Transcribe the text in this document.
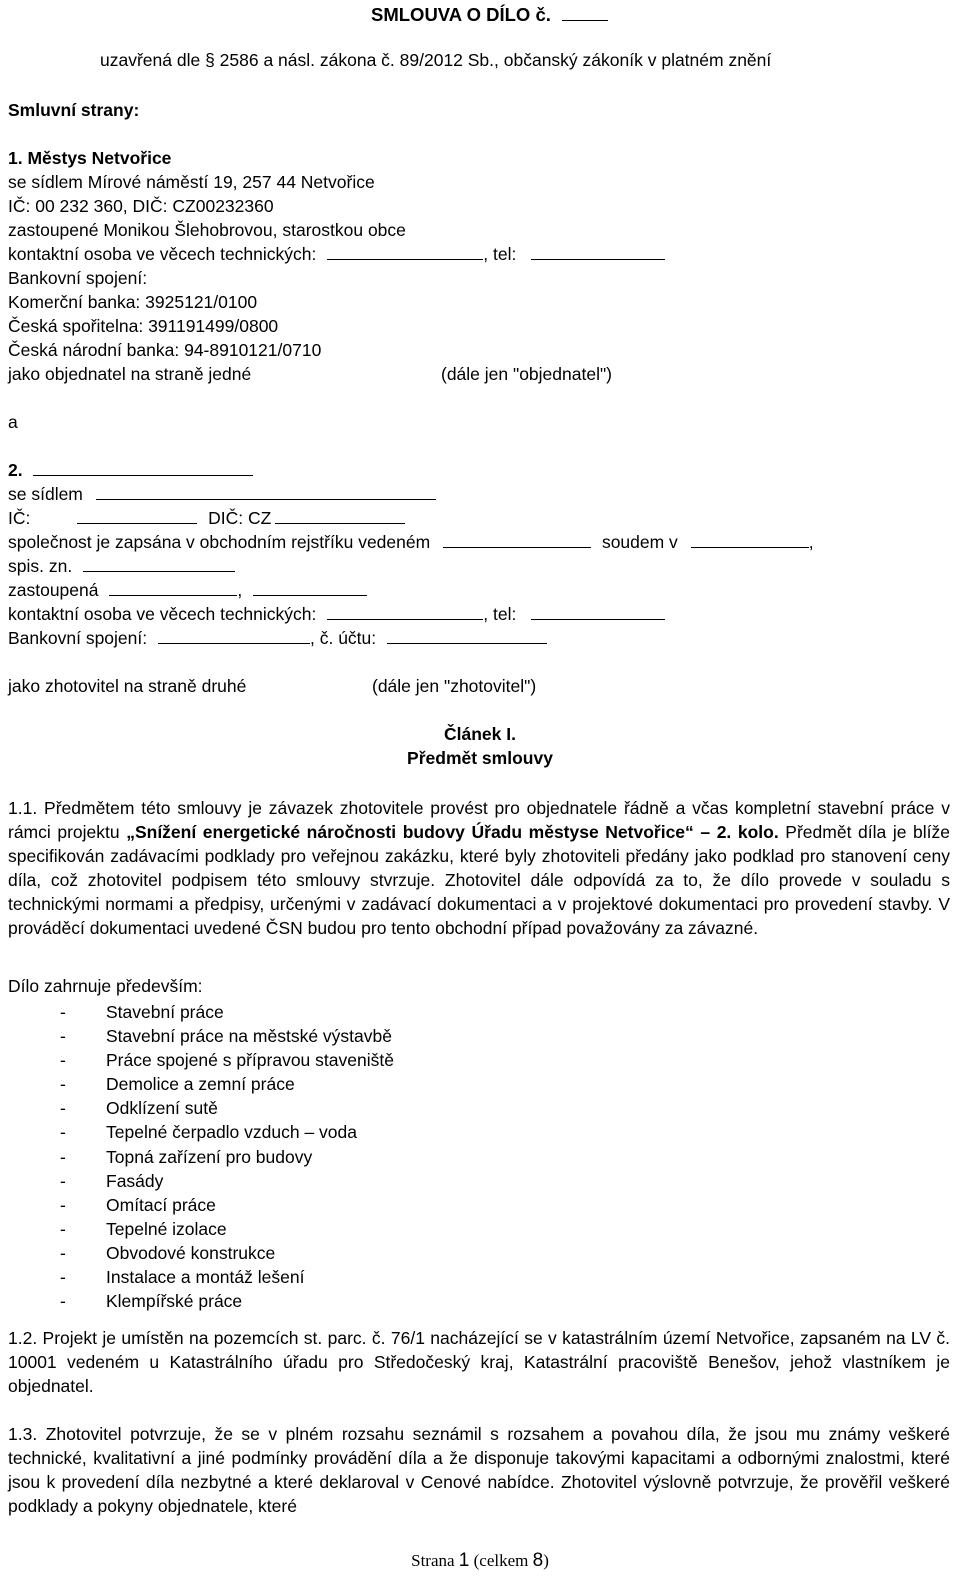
SMLOUVA O DÍLO č.
uzavřená dle § 2586 a násl. zákona č. 89/2012 Sb., občanský zákoník v platném znění
Smluvní strany:
1. Městys Netvořice
se sídlem Mírové náměstí 19, 257 44 Netvořice
IČ: 00 232 360, DIČ: CZ00232360
zastoupené Monikou Šlehobrovou, starostkou obce
kontaktní osoba ve věcech technických:	, tel:
Bankovní spojení:
Komerční banka: 3925121/0100
Česká spořitelna: 391191499/0800
Česká národní banka: 94-8910121/0710
jako objednatel na straně jedné	(dále jen "objednatel")
a
2.
se sídlem
IČ:	DIČ: CZ
společnost je zapsána v obchodním rejstříku vedeném	soudem v	,
spis. zn.
zastoupená	,
kontaktní osoba ve věcech technických:	, tel:
Bankovní spojení:	, č. účtu:
jako zhotovitel na straně druhé	(dále jen "zhotovitel")
Článek I.
Předmět smlouvy
1.1. Předmětem této smlouvy je závazek zhotovitele provést pro objednatele řádně a včas kompletní stavební práce v rámci projektu „Snížení energetické náročnosti budovy Úřadu městyse Netvořice“ – 2. kolo. Předmět díla je blíže specifikován zadávacími podklady pro veřejnou zakázku, které byly zhotoviteli předány jako podklad pro stanovení ceny díla, což zhotovitel podpisem této smlouvy stvrzuje. Zhotovitel dále odpovídá za to, že dílo provede v souladu s technickými normami a předpisy, určenými v zadávací dokumentaci a v projektové dokumentaci pro provedení stavby. V prováděcí dokumentaci uvedené ČSN budou pro tento obchodní případ považovány za závazné.
Dílo zahrnuje především:
- Stavební práce
- Stavební práce na městské výstavbě
- Práce spojené s přípravou staveniště
- Demolice a zemní práce
- Odklízení sutě
- Tepelné čerpadlo vzduch – voda
- Topná zařízení pro budovy
- Fasády
- Omítací práce
- Tepelné izolace
- Obvodové konstrukce
- Instalace a montáž lešení
- Klempířské práce
1.2. Projekt je umístěn na pozemcích st. parc. č. 76/1 nacházející se v katastrálním území Netvořice, zapsaném na LV č. 10001 vedeném u Katastrálního úřadu pro Středočeský kraj, Katastrální pracoviště Benešov, jehož vlastníkem je objednatel.
1.3. Zhotovitel potvrzuje, že se v plném rozsahu seznámil s rozsahem a povahou díla, že jsou mu známy veškeré technické, kvalitativní a jiné podmínky provádění díla a že disponuje takovými kapacitami a odbornými znalostmi, které jsou k provedení díla nezbytné a které deklaroval v Cenové nabídce. Zhotovitel výslovně potvrzuje, že prověřil veškeré podklady a pokyny objednatele, které
Strana 1 (celkem 8)
